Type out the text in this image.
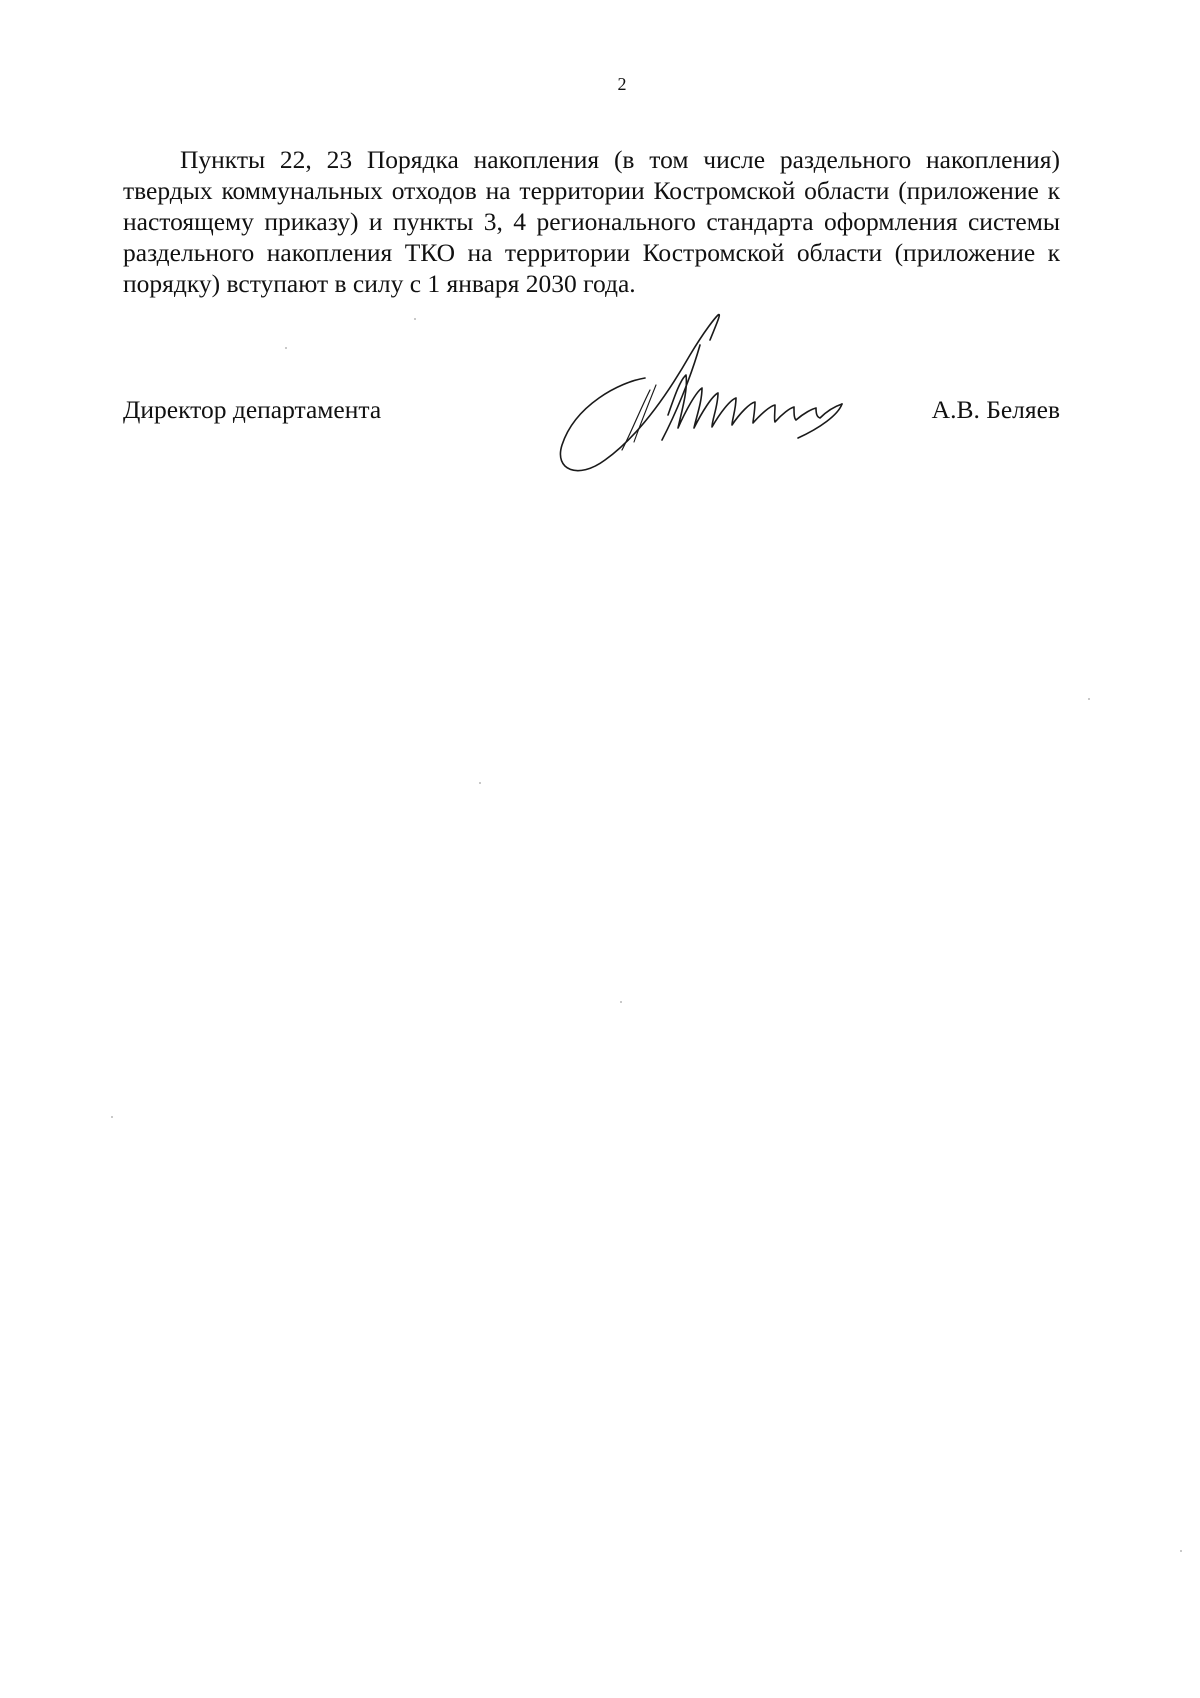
2

Пункты 22, 23 Порядка накопления (в том числе раздельного накопления) твердых коммунальных отходов на территории Костромской области (приложение к настоящему приказу) и пункты 3, 4 регионального стандарта оформления системы раздельного накопления ТКО на территории Костромской области (приложение к порядку) вступают в силу с 1 января 2030 года.

Директор департамента	А.В. Беляев
